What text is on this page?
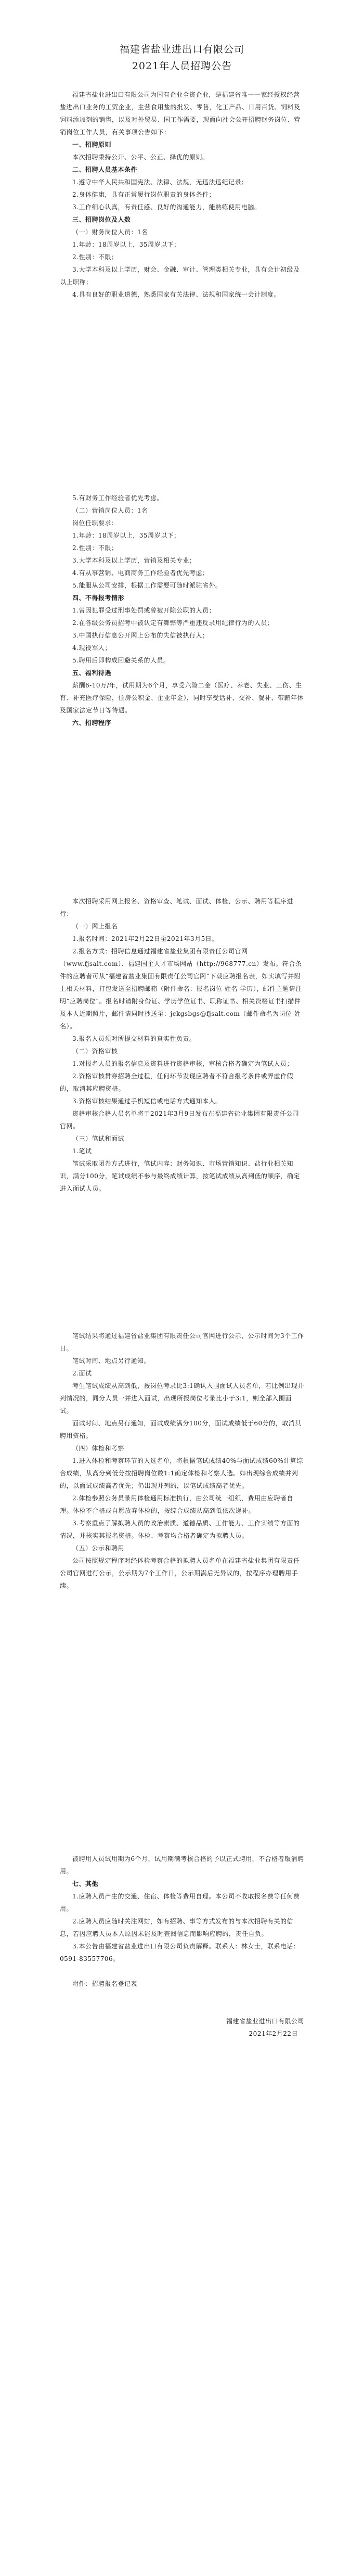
福建省盐业进出口有限公司
2021年人员招聘公告

福建省盐业进出口有限公司为国有企业全资企业，是福建省唯一一家经授权经营盐进出口业务的工贸企业，主营食用盐的批发、零售，化工产品、日用百货、饲料及饲料添加剂的销售，以及对外贸易、国工作需要，现面向社会公开招聘财务岗位、营销岗位工作人员，有关事项公告如下：

一、招聘原则

本次招聘秉持公开、公平、公正、择优的原则。

二、招聘人员基本条件

1.遵守中华人民共和国宪法、法律、法规，无违法违纪记录；

2.身体健康，具有正常履行岗位职责的身体条件；

3.工作细心认真，有责任感、良好的沟通能力，能熟练使用电脑。

三、招聘岗位及人数

（一）财务岗位人员：1名

1.年龄：18周岁以上，35周岁以下；

2.性别：不限；

3.大学本科及以上学历，财会、金融、审计、管理类相关专业，具有会计初级及以上职称；

4.具有良好的职业道德，熟悉国家有关法律、法规和国家统一会计制度。

5.有财务工作经验者优先考虑。

（二）营销岗位人员：1名

岗位任职要求：

1.年龄：18周岁以上，35周岁以下；

2.性别：不限；

3.大学本科及以上学历，营销及相关专业；

4.有从事营销、电商商务工作经验者优先考虑；

5.能服从公司安排，根据工作需要可随时派驻省外。

四、不得报考情形

1.曾因犯罪受过刑事处罚或曾被开除公职的人员；

2.在各级公务员招考中被认定有舞弊等严重违反录用纪律行为的人员；

3.中国执行信息公开网上公布的失信被执行人；

4.现役军人；

5.聘用后即构成回避关系的人员。

五、福利待遇

薪酬6-10万/年，试用期为6个月，享受六险二金（医疗、养老、失业、工伤、生育、补充医疗保险，住房公积金、企业年金），同时享受话补、交补、餐补、带薪年休及国家法定节日等待遇。

六、招聘程序

本次招聘采用网上报名、资格审查、笔试、面试、体检、公示、聘用等程序进行：

（一）网上报名

1.报名时间：2021年2月22日至2021年3月5日。

2.报名方式：招聘信息通过福建省盐业集团有限责任公司官网（www.fjsalt.com）、福建国企人才市场网站（http://968777.cn）发布。符合条件的应聘者可从“福建省盐业集团有限责任公司官网”下载应聘报名表，如实填写并附上相关材料，打包发送至招聘邮箱（附件命名：报名岗位-姓名-学历），邮件主题请注明“应聘岗位”。报名时请附身份证、学历学位证书、职称证书、相关资格证书扫描件及本人近期照片，邮件请同时抄送至：jckgsbgs@fjsalt.com（邮件命名为岗位-姓名）。

3.报名人员须对所提交材料的真实性负责。

（二）资格审核

1.对报名人员的报名信息及资料进行资格审核，审核合格者确定为笔试人员；

2.资格审核贯穿招聘全过程，任何环节发现应聘者不符合报考条件或弄虚作假的，取消其应聘资格。

3.资格审核结果通过手机短信或电话方式通知本人。

资格审核合格人员名单将于2021年3月9日发布在福建省盐业集团有限责任公司官网。

（三）笔试和面试

1.笔试

笔试采取闭卷方式进行，笔试内容：财务知识、市场营销知识、盐行业相关知识，满分100分，笔试成绩不参与最终成绩计算，按笔试成绩从高到低的顺序，确定进入面试人员。

笔试结果将通过福建省盐业集团有限责任公司官网进行公示，公示时间为3个工作日。

笔试时间、地点另行通知。

2.面试

考生笔试成绩从高到低，按岗位考录比3:1确认入围面试人员名单，若比例出现并列情况的，同分人员一并进入面试，出现所报岗位考录比小于3:1，则全部入围面试。

面试时间、地点另行通知，面试成绩满分100分，面试成绩低于60分的，取消其聘用资格。

（四）体检和考察

1.进入体检和考察环节的人选名单，将根据笔试成绩40%与面试成绩60%计算综合成绩，从高分到低分按招聘岗位数1:1确定体检和考察人选。如出现综合成绩并列的，以面试成绩高者优先；仍出现并列的，以笔试成绩高者优先。

2.体检参照公务员录用体检通用标准执行，由公司统一组织，费用由应聘者自理。体检不合格或自愿放弃体检的，按综合成绩从高到低依次递补。

3.考察重点了解拟聘人员的政治素质、道德品质、工作能力、工作实绩等方面的情况，并核实其报名资格。体检、考察均合格者确定为拟聘人员。

（五）公示和聘用

公司按照规定程序对经体检考察合格的拟聘人员名单在福建省盐业集团有限责任公司官网进行公示，公示期为7个工作日，公示期满后无异议的，按程序办理聘用手续。

被聘用人员试用期为6个月，试用期满考核合格的予以正式聘用，不合格者取消聘用。

七、其他

1.应聘人员产生的交通、住宿、体检等费用自理。本公司不收取报名费等任何费用。

2.应聘人员应随时关注网站，如有招聘、事等方式发布的与本次招聘有关的信息，若因应聘人员本人原因未能及时查阅信息而影响应聘的，责任自负。

3.本公告由福建省盐业进出口有限公司负责解释。联系人：林女士，联系电话：0591-83557706。

附件：招聘报名登记表

福建省盐业进出口有限公司

2021年2月22日
